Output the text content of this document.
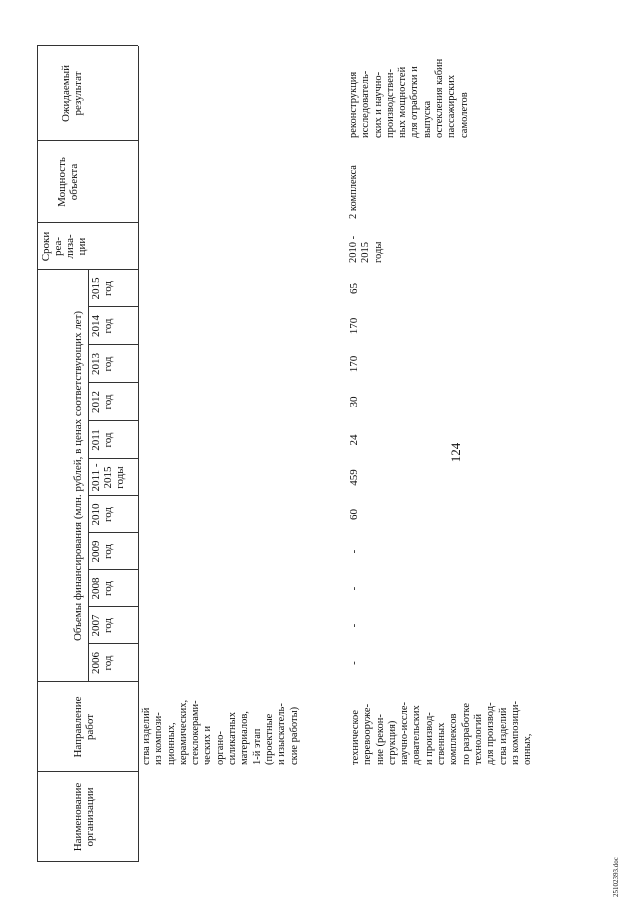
124
25102393.doc
Наименование
организации
Направление
работ
Объемы финансирования (млн. рублей, в ценах соответствующих лет)
2006
год
2007
год
2008
год
2009
год
2010
год
2011 -
2015
годы
2011
год
2012
год
2013
год
2014
год
2015
год
Сроки
реа-
лиза-
ции
Мощность
объекта
Ожидаемый
результат
ства изделий
из компози-
ционных,
керамических,
стеклокерами-
ческих и
органо-
силикатных
материалов,
1-й этап
(проектные
и изыскатель-
ские работы)	техническое
перевооруже-
ние (рекон-
струкция)
научно-иссле-
довательских
и производ-
ственных
комплексов
по разработке
технологий
для производ-
ства изделий
из композици-
онных,
-
-
-
-
60
459
24
30
170
170
65
2010 -
2015
годы
2 комплекса
реконструкция
исследователь-
ских и научно-
производствен-
ных мощностей
для отработки и
выпуска
остекления кабин
пассажирских
самолетов
